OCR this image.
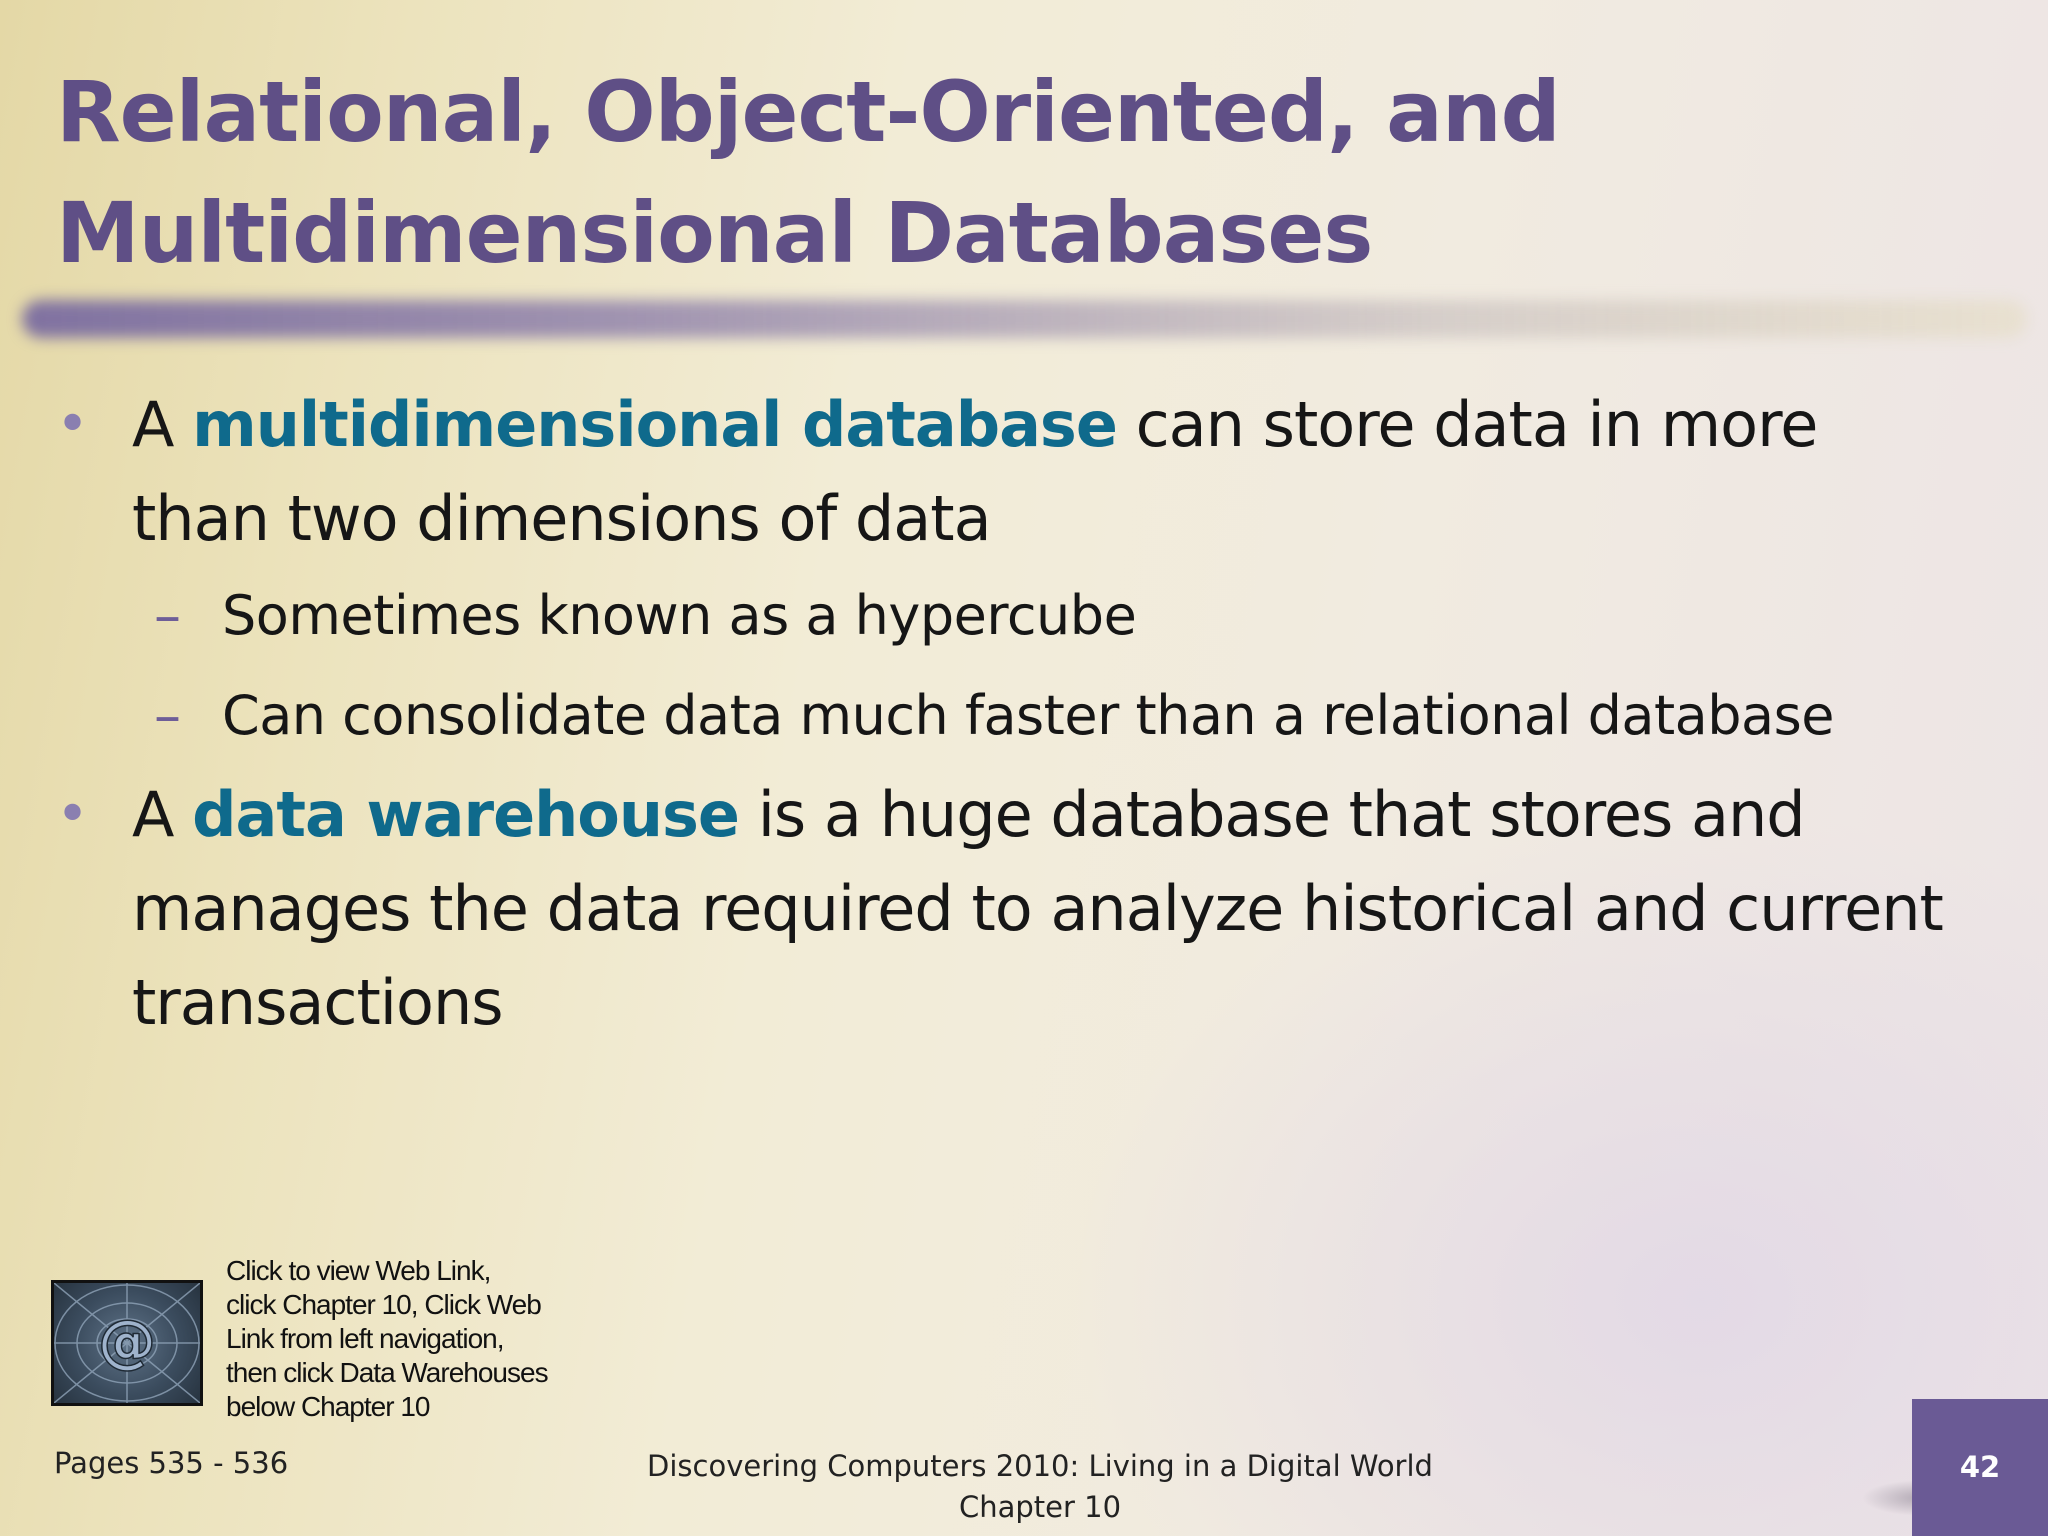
Relational, Object-Oriented, and
Multidimensional Databases
• A multidimensional database can store data in more than two dimensions of data
– Sometimes known as a hypercube
– Can consolidate data much faster than a relational database
• A data warehouse is a huge database that stores and manages the data required to analyze historical and current transactions
@
Click to view Web Link,
click Chapter 10, Click Web
Link from left navigation,
then click Data Warehouses
below Chapter 10
Pages 535 - 536	Discovering Computers 2010: Living in a Digital World
Chapter 10
42
